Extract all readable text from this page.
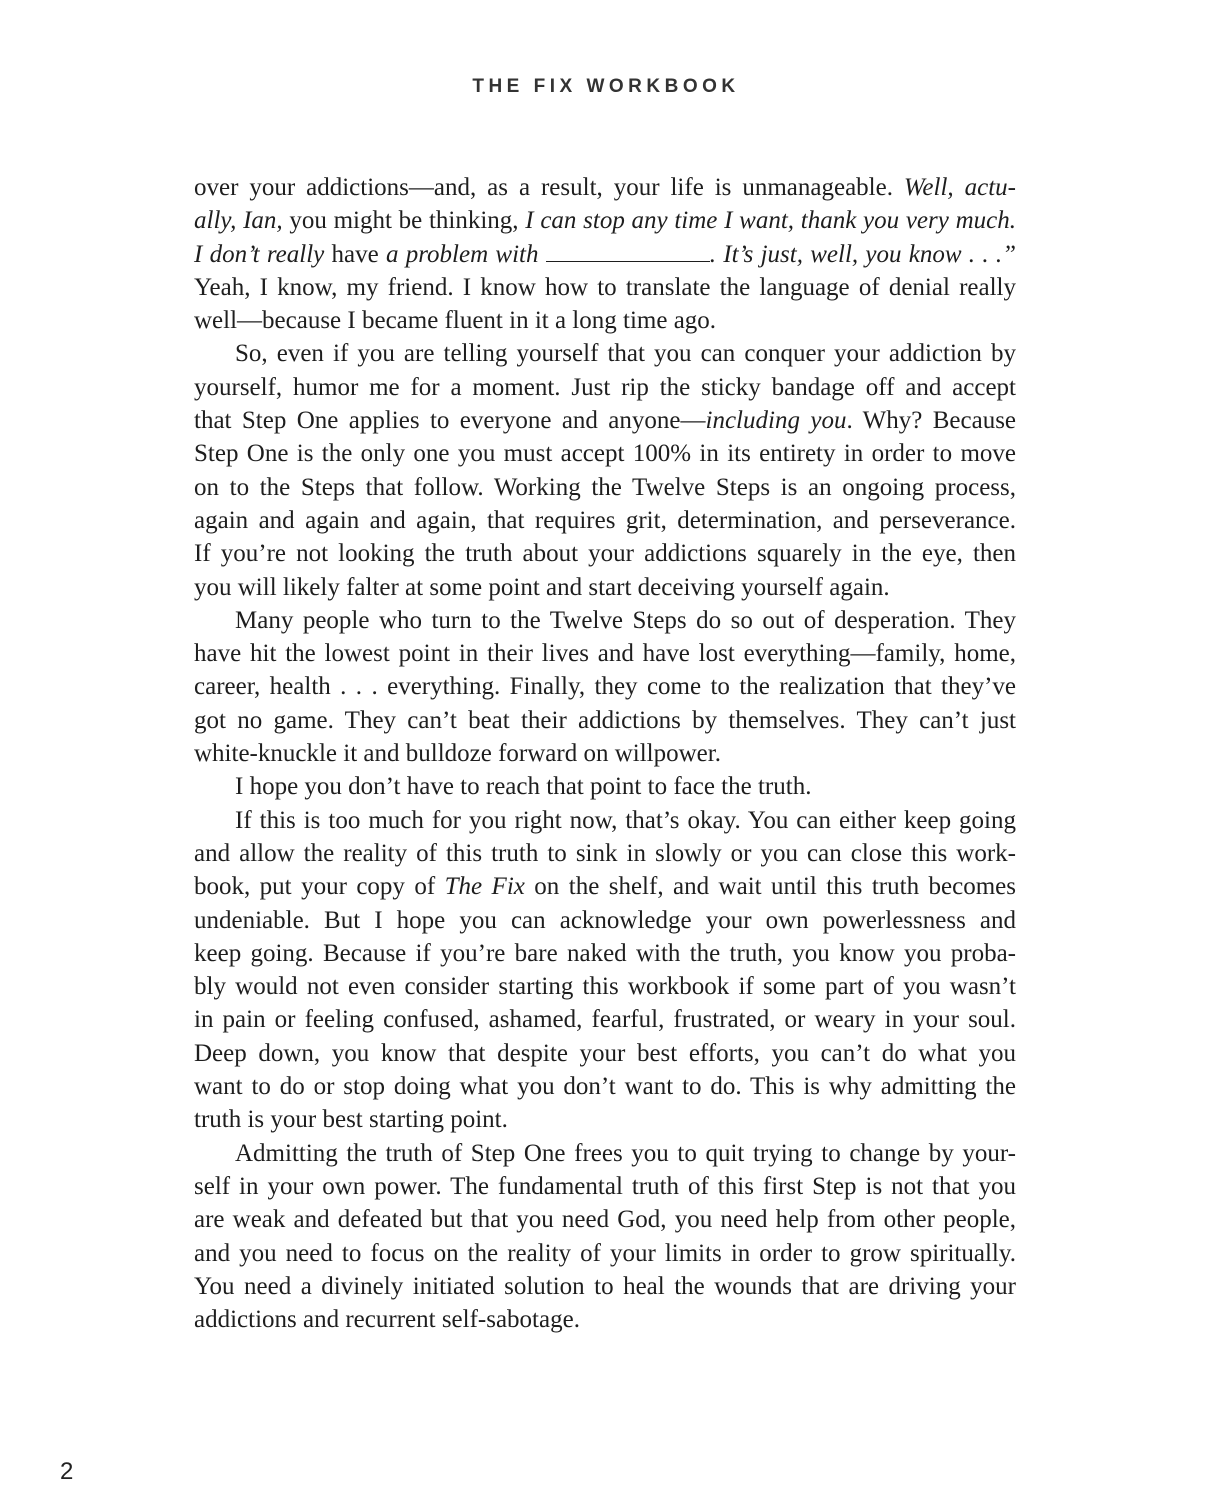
THE FIX WORKBOOK

over your addictions—and, as a result, your life is unmanageable. Well, actu-

ally, Ian, you might be thinking, I can stop any time I want, thank you very much.

I don’t really have a problem with	. It’s just, well, you know . . .”

Yeah, I know, my friend. I know how to translate the language of denial really

well—because I became fluent in it a long time ago.

So, even if you are telling yourself that you can conquer your addiction by

yourself, humor me for a moment. Just rip the sticky bandage off and accept

that Step One applies to everyone and anyone—including you. Why? Because

Step One is the only one you must accept 100% in its entirety in order to move

on to the Steps that follow. Working the Twelve Steps is an ongoing process,

again and again and again, that requires grit, determination, and perseverance.

If you’re not looking the truth about your addictions squarely in the eye, then

you will likely falter at some point and start deceiving yourself again.

Many people who turn to the Twelve Steps do so out of desperation. They

have hit the lowest point in their lives and have lost everything—family, home,

career, health . . . everything. Finally, they come to the realization that they’ve

got no game. They can’t beat their addictions by themselves. They can’t just

white-knuckle it and bulldoze forward on willpower.

I hope you don’t have to reach that point to face the truth.

If this is too much for you right now, that’s okay. You can either keep going

and allow the reality of this truth to sink in slowly or you can close this work-

book, put your copy of The Fix on the shelf, and wait until this truth becomes

undeniable. But I hope you can acknowledge your own powerlessness and

keep going. Because if you’re bare naked with the truth, you know you proba-

bly would not even consider starting this workbook if some part of you wasn’t

in pain or feeling confused, ashamed, fearful, frustrated, or weary in your soul.

Deep down, you know that despite your best efforts, you can’t do what you

want to do or stop doing what you don’t want to do. This is why admitting the

truth is your best starting point.

Admitting the truth of Step One frees you to quit trying to change by your-

self in your own power. The fundamental truth of this first Step is not that you

are weak and defeated but that you need God, you need help from other people,

and you need to focus on the reality of your limits in order to grow spiritually.

You need a divinely initiated solution to heal the wounds that are driving your

addictions and recurrent self-sabotage.

2
